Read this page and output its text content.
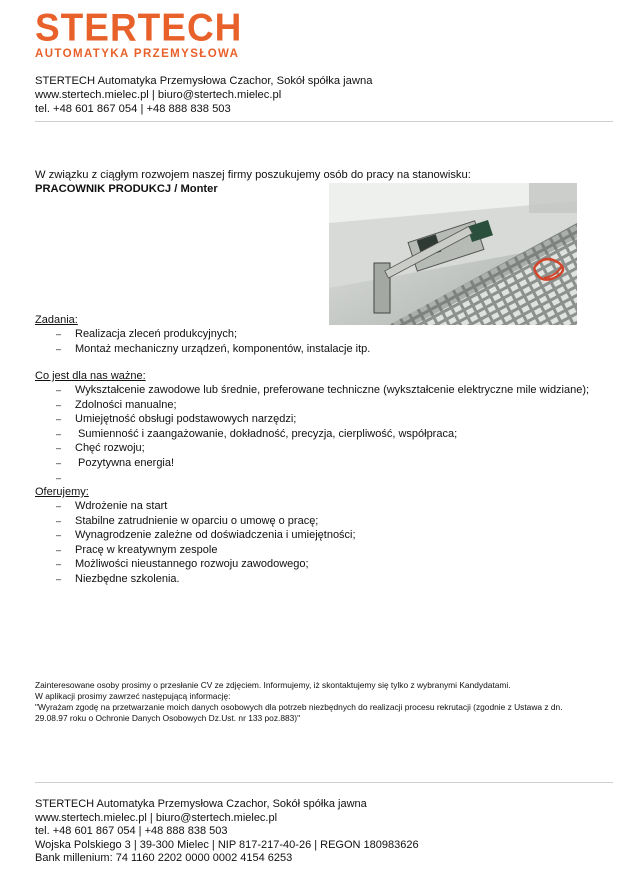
STERTECH
AUTOMATYKA PRZEMYSŁOWA
STERTECH Automatyka Przemysłowa Czachor, Sokół spółka jawna
www.stertech.mielec.pl | biuro@stertech.mielec.pl
tel. +48 601 867 054 | +48 888 838 503
W związku z ciągłym rozwojem naszej firmy poszukujemy osób do pracy na stanowisku:
PRACOWNIK PRODUKCJ / Monter
Zadania:
– Realizacja zleceń produkcyjnych;
– Montaż mechaniczny urządzeń, komponentów, instalacje itp.
Co jest dla nas ważne:
– Wykształcenie zawodowe lub średnie, preferowane techniczne (wykształcenie elektryczne mile widziane);
– Zdolności manualne;
– Umiejętność obsługi podstawowych narzędzi;
– Sumienność i zaangażowanie, dokładność, precyzja, cierpliwość, współpraca;
– Chęć rozwoju;
– Pozytywna energia!
–
Oferujemy:
– Wdrożenie na start
– Stabilne zatrudnienie w oparciu o umowę o pracę;
– Wynagrodzenie zależne od doświadczenia i umiejętności;
– Pracę w kreatywnym zespole
– Możliwości nieustannego rozwoju zawodowego;
– Niezbędne szkolenia.
Zainteresowane osoby prosimy o przesłanie CV ze zdjęciem. Informujemy, iż skontaktujemy się tylko z wybranymi Kandydatami.
W aplikacji prosimy zawrzeć następującą informację:
"Wyrażam zgodę na przetwarzanie moich danych osobowych dla potrzeb niezbędnych do realizacji procesu rekrutacji (zgodnie z Ustawa z dn.
29.08.97 roku o Ochronie Danych Osobowych Dz.Ust. nr 133 poz.883)"
STERTECH Automatyka Przemysłowa Czachor, Sokół spółka jawna
www.stertech.mielec.pl | biuro@stertech.mielec.pl
tel. +48 601 867 054 | +48 888 838 503
Wojska Polskiego 3 | 39-300 Mielec | NIP 817-217-40-26 | REGON 180983626
Bank millenium: 74 1160 2202 0000 0002 4154 6253
